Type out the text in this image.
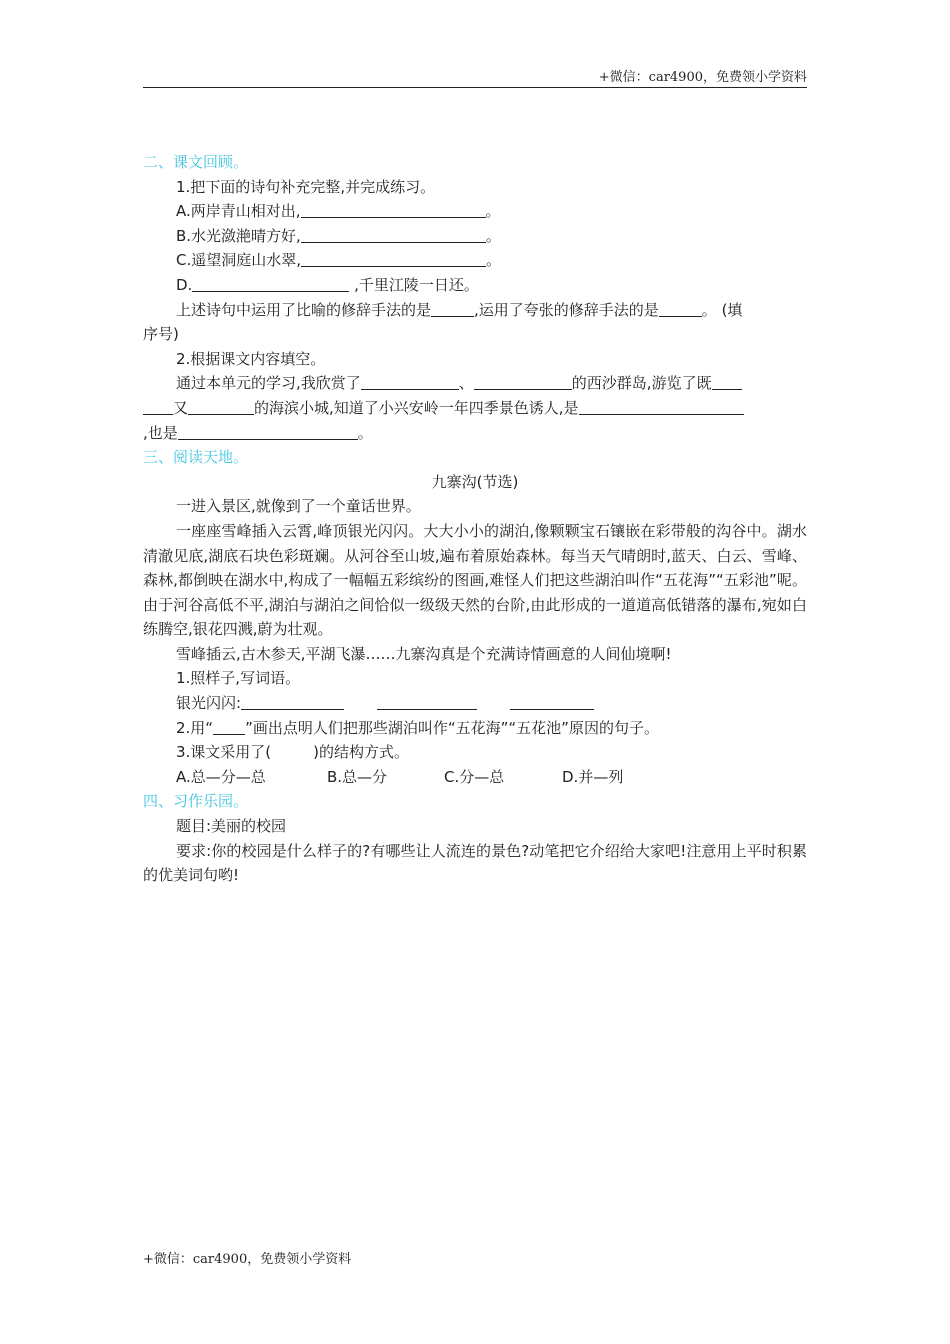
+微信：car4900，免费领小学资料
二、课文回顾。
1.把下面的诗句补充完整,并完成练习。
A.两岸青山相对出,	。
B.水光潋滟晴方好,	。
C.遥望洞庭山水翠,	。
D.	,千里江陵一日还。
上述诗句中运用了比喻的修辞手法的是	,运用了夸张的修辞手法的是	。 (填
序号)
2.根据课文内容填空。
通过本单元的学习,我欣赏了	、	的西沙群岛,游览了既
又	的海滨小城,知道了小兴安岭一年四季景色诱人,是
,也是	。
三、阅读天地。
九寨沟(节选)
一进入景区,就像到了一个童话世界。
一座座雪峰插入云霄,峰顶银光闪闪。大大小小的湖泊,像颗颗宝石镶嵌在彩带般的沟谷中。湖水清澈见底,湖底石块色彩斑斓。从河谷至山坡,遍布着原始森林。每当天气晴朗时,蓝天、白云、雪峰、森林,都倒映在湖水中,构成了一幅幅五彩缤纷的图画,难怪人们把这些湖泊叫作“五花海”“五彩池”呢。由于河谷高低不平,湖泊与湖泊之间恰似一级级天然的台阶,由此形成的一道道高低错落的瀑布,宛如白练腾空,银花四溅,蔚为壮观。
雪峰插云,古木参天,平湖飞瀑……九寨沟真是个充满诗情画意的人间仙境啊!
1.照样子,写词语。
银光闪闪:
2.用“ ”画出点明人们把那些湖泊叫作“五花海”“五花池”原因的句子。
3.课文采用了(	)的结构方式。
A.总—分—总	B.总—分	C.分—总	D.并—列
四、习作乐园。
题目:美丽的校园
要求:你的校园是什么样子的?有哪些让人流连的景色?动笔把它介绍给大家吧!注意用上平时积累的优美词句哟!
+微信：car4900，免费领小学资料
